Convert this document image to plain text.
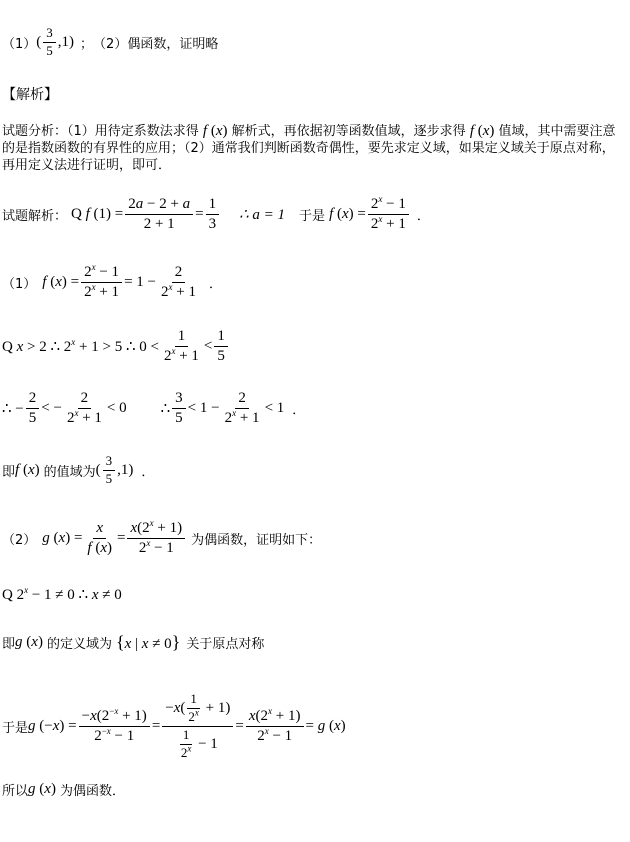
（1） ( $\frac{3}{5} ,1$) ； （2）偶函数，证明略
【解析】
试题分析：（1）用待定系数法求得 f (x) 解析式，再依据初等函数值域，逐步求得 f (x) 值域，其中需要注意的是指数函数的有界性的应用；（2）通常我们判断函数奇偶性，要先求定义域，如果定义域关于原点对称，再用定义法进行证明，即可．
试题解析： Q f $(1) = \frac{2a - 2 + a}{2 + 1} = \frac{1}{3}$ ∴ a = 1 于是 f $(x) = \frac{2^x - 1}{2^x + 1}$ ．
（1） f $(x) = \frac{2^x - 1}{2^x + 1} = 1 - \frac{2}{2^x + 1}$ ．
Q x > 2 ∴ $2^x + 1 > 5$ ∴ $0 < \frac{1}{2^x + 1} < \frac{1}{5}$
∴ − $\frac{2}{5}$ < − $\frac{2}{2^x + 1} < 0$ ∴ $\frac{3}{5} < 1 - \frac{2}{2^x + 1} < 1$ ．
即 f (x) 的值域为 ( $\frac{3}{5} ,1$) ．
（2） g $(x) = \frac{x}{f (x)} = \frac{x(2^x + 1)}{2^x - 1}$ 为偶函数，证明如下：
Q $2^x - 1 \ne 0$ ∴ x ≠ 0
即 g (x) 的定义域为 {x | x ≠ 0} 关于原点对称
于是 g $(-x) = \frac{-x(2^{-x} + 1)}{2^{-x} - 1} = \frac{-x( \frac{1}{2^x} + 1)}{\frac{1}{2^x} - 1} = \frac{x(2^x + 1)}{2^x - 1} = g$ (x)
所以 g (x) 为偶函数．
